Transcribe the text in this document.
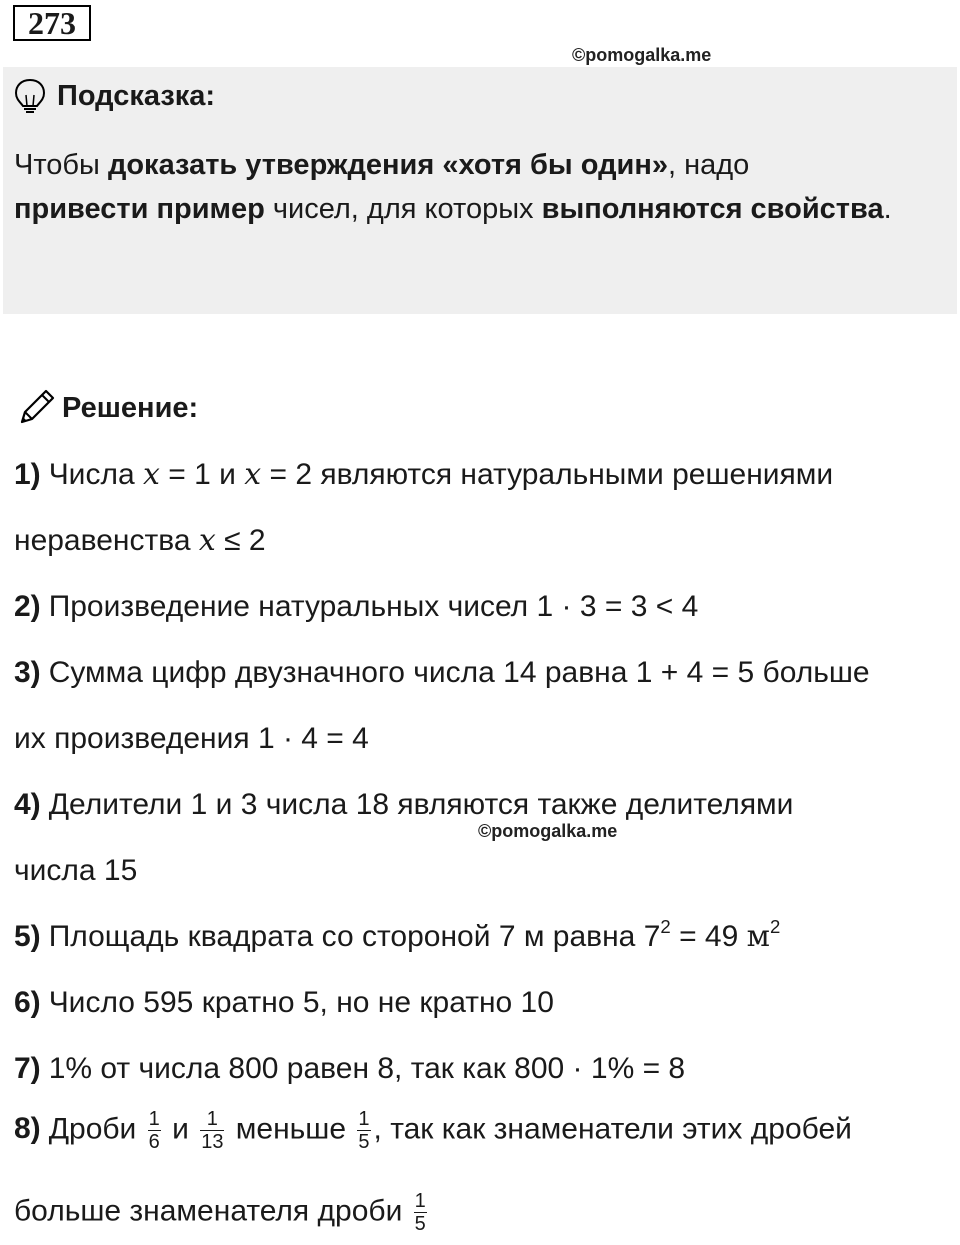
273
©pomogalka.me
Подсказка:
Чтобы доказать утверждения «хотя бы один», надо
привести пример чисел, для которых выполняются свойства.
Решение:
1) Числа x = 1 и x = 2 являются натуральными решениями
неравенства x ≤ 2
2) Произведение натуральных чисел 1 · 3 = 3 < 4
3) Сумма цифр двузначного числа 14 равна 1 + 4 = 5 больше
их произведения 1 · 4 = 4
4) Делители 1 и 3 числа 18 являются также делителями
©pomogalka.me
числа 15
5) Площадь квадрата со стороной 7 м равна $7^2 = 49$ $м^2$
6) Число 595 кратно 5, но не кратно 10
7) 1% от числа 800 равен 8, так как 800 · 1% = 8
8) Дроби $\frac{1}{6}$ и $\frac{1}{13}$ меньше $\frac{1}{5}$ , так как знаменатели этих дробей
больше знаменателя дроби $\frac{1}{5}$
